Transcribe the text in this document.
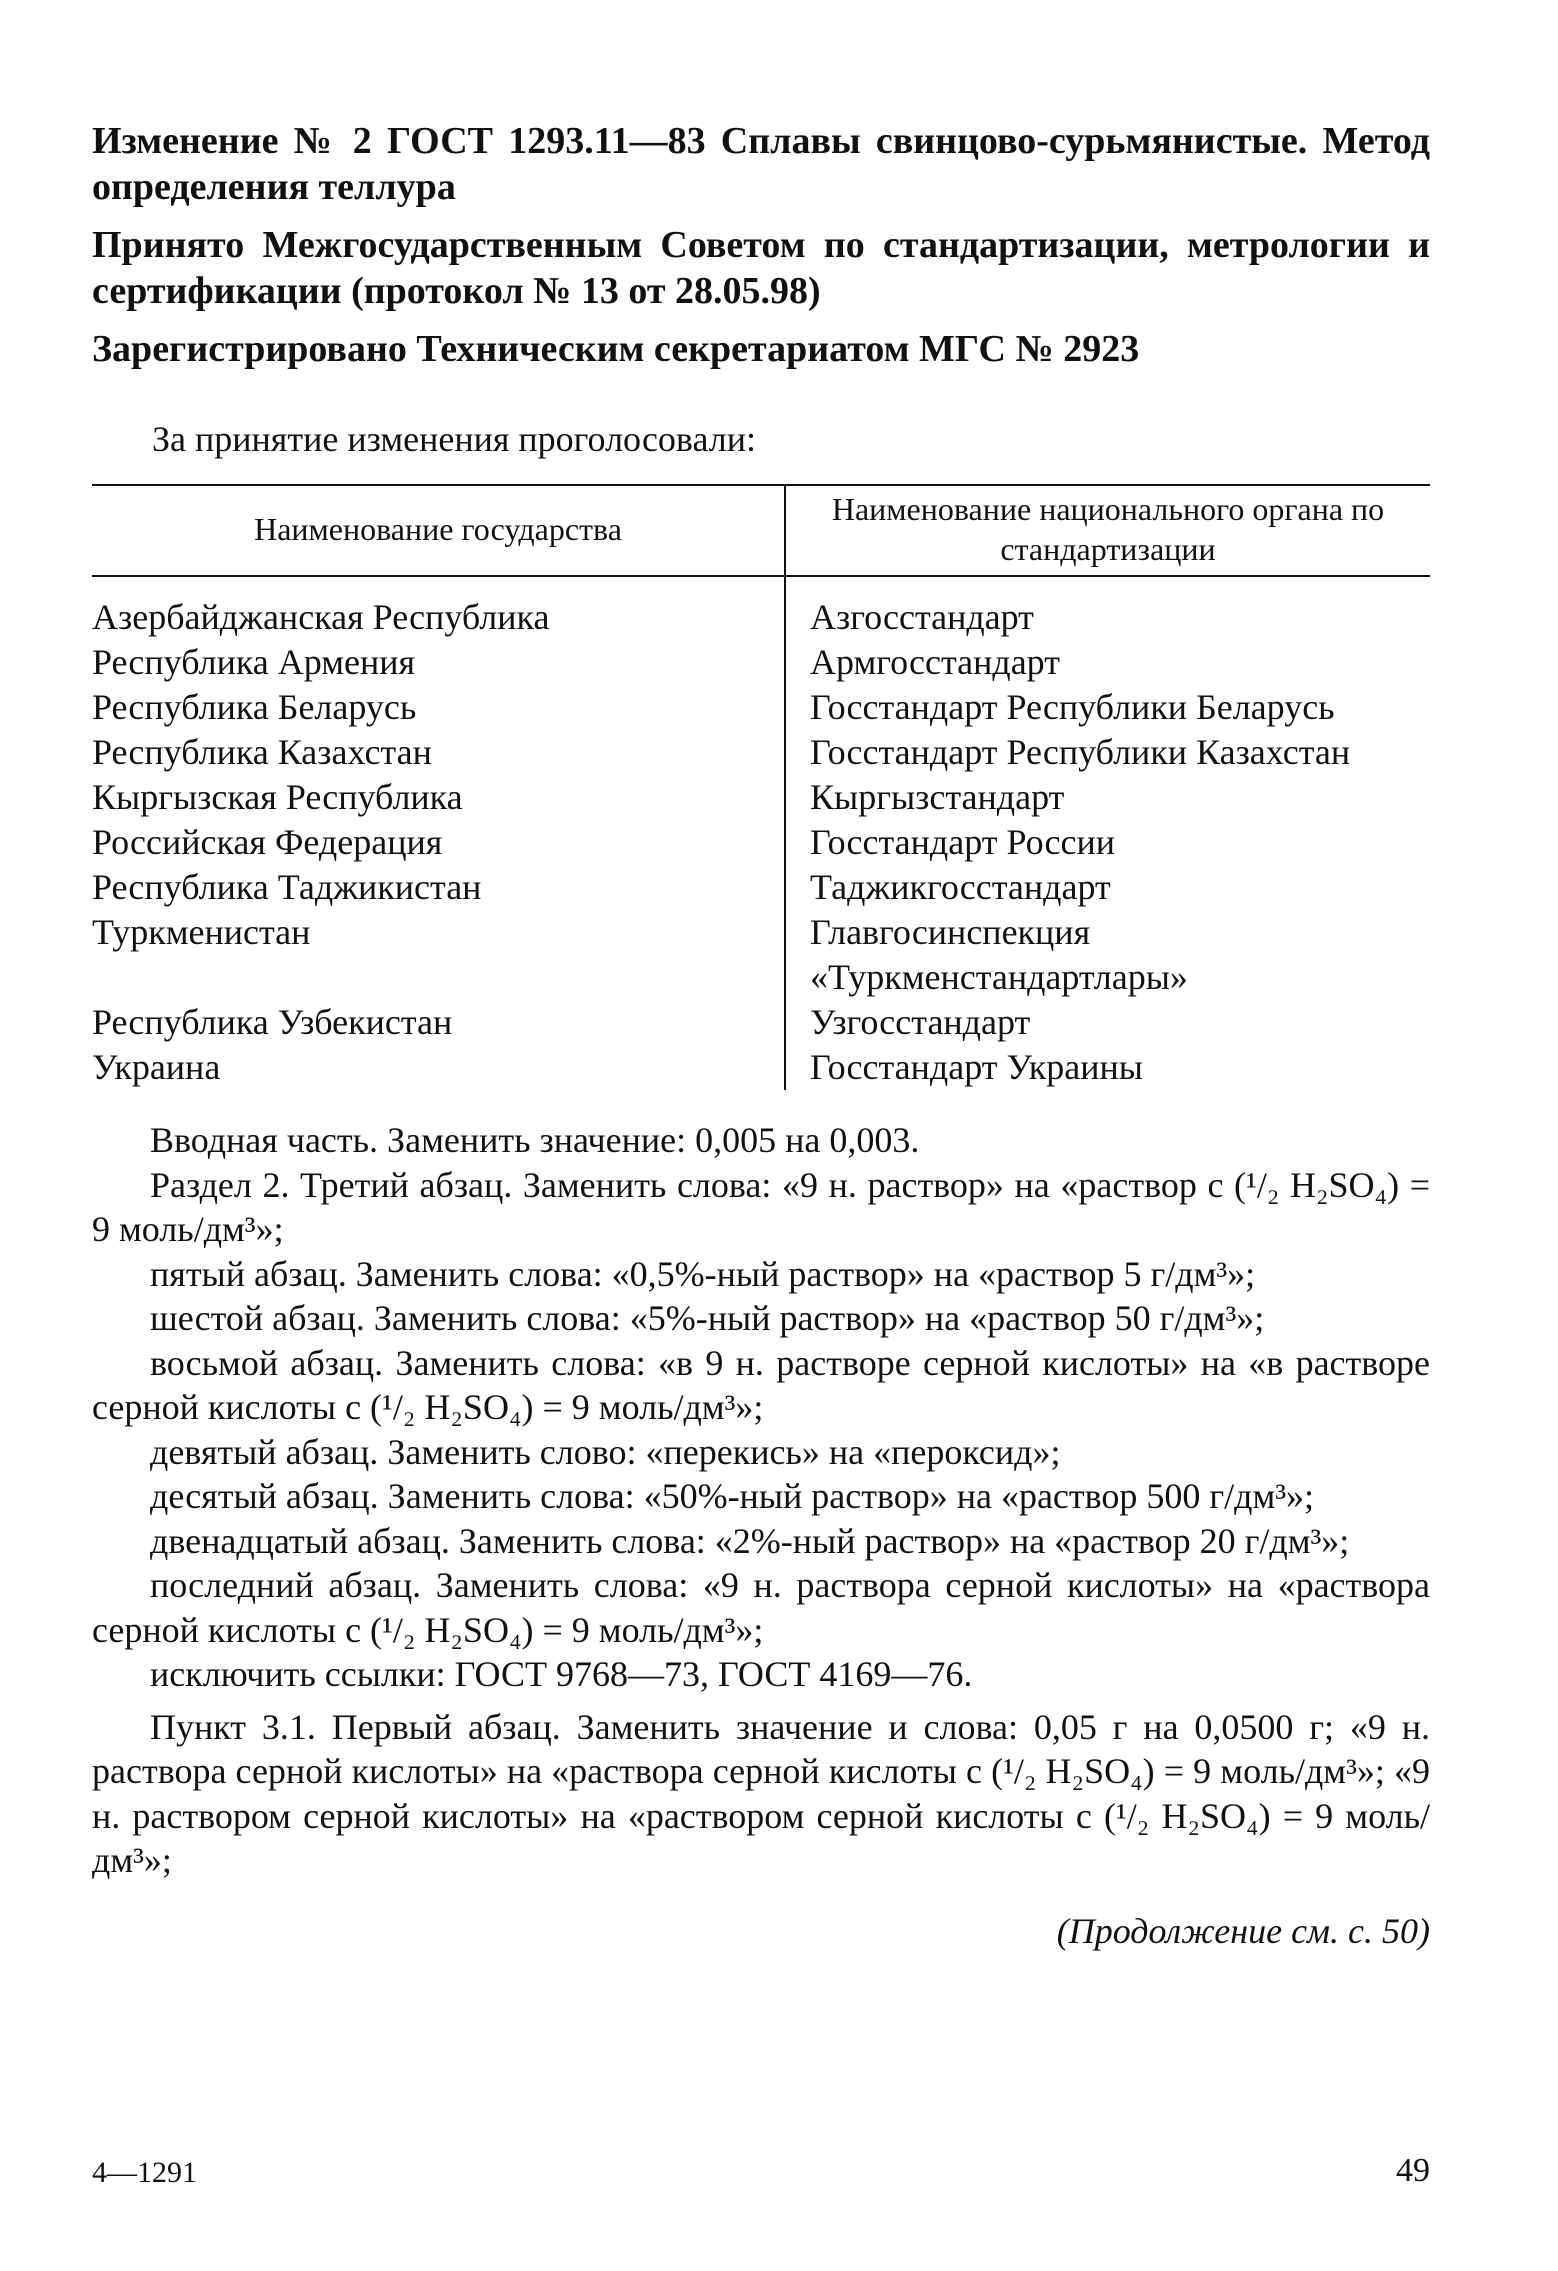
Изменение № 2 ГОСТ 1293.11—83 Сплавы свинцово-сурьмянистые. Метод определения теллура

Принято Межгосударственным Советом по стандартизации, метрологии и сертификации (протокол № 13 от 28.05.98)

Зарегистрировано Техническим секретариатом МГС № 2923

За принятие изменения проголосовали:
Наименование государства	Наименование национального органа по стандартизации
Азербайджанская Республика	Азгосстандарт
Республика Армения	Армгосстандарт
Республика Беларусь	Госстандарт Республики Беларусь
Республика Казахстан	Госстандарт Республики Казахстан
Кыргызская Республика	Кыргызстандарт
Российская Федерация	Госстандарт России
Республика Таджикистан	Таджикгосстандарт
Туркменистан	Главгосинспекция «Туркменстандартлары»
Республика Узбекистан	Узгосстандарт
Украина	Госстандарт Украины

Вводная часть. Заменить значение: 0,005 на 0,003.

Раздел 2. Третий абзац. Заменить слова: «9 н. раствор» на «раствор c (¹/₂ H₂SO₄) = 9 моль/дм³»;

пятый абзац. Заменить слова: «0,5%-ный раствор» на «раствор 5 г/дм³»;

шестой абзац. Заменить слова: «5%-ный раствор» на «раствор 50 г/дм³»;

восьмой абзац. Заменить слова: «в 9 н. растворе серной кислоты» на «в растворе серной кислоты c (¹/₂ H₂SO₄) = 9 моль/дм³»;

девятый абзац. Заменить слово: «перекись» на «пероксид»;

десятый абзац. Заменить слова: «50%-ный раствор» на «раствор 500 г/дм³»;

двенадцатый абзац. Заменить слова: «2%-ный раствор» на «раствор 20 г/дм³»;

последний абзац. Заменить слова: «9 н. раствора серной кислоты» на «раствора серной кислоты c (¹/₂ H₂SO₄) = 9 моль/дм³»;

исключить ссылки: ГОСТ 9768—73, ГОСТ 4169—76.

Пункт 3.1. Первый абзац. Заменить значение и слова: 0,05 г на 0,0500 г; «9 н. раствора серной кислоты» на «раствора серной кислоты c (¹/₂ H₂SO₄) = 9 моль/дм³»; «9 н. раствором серной кислоты» на «раствором серной кислоты c (¹/₂ H₂SO₄) = 9 моль/дм³»;

(Продолжение см. с. 50)
4—1291	49
